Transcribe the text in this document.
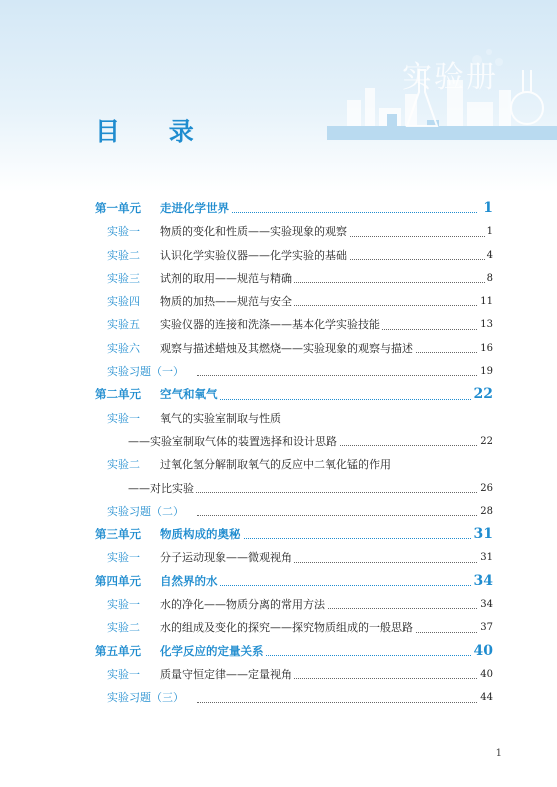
实验册
目 录
第一单元 走进化学世界	1
实验一 物质的变化和性质——实验现象的观察	1
实验二 认识化学实验仪器——化学实验的基础	4
实验三 试剂的取用——规范与精确	8
实验四 物质的加热——规范与安全	11
实验五 实验仪器的连接和洗涤——基本化学实验技能	13
实验六 观察与描述蜡烛及其燃烧——实验现象的观察与描述	16
实验习题（一）	19
第二单元 空气和氧气	22
实验一 氧气的实验室制取与性质
——实验室制取气体的装置选择和设计思路	22
实验二 过氧化氢分解制取氧气的反应中二氧化锰的作用
——对比实验	26
实验习题（二）	28
第三单元 物质构成的奥秘	31
实验一 分子运动现象——微观视角	31
第四单元 自然界的水	34
实验一 水的净化——物质分离的常用方法	34
实验二 水的组成及变化的探究——探究物质组成的一般思路	37
第五单元 化学反应的定量关系	40
实验一 质量守恒定律——定量视角	40
实验习题（三）	44
1
